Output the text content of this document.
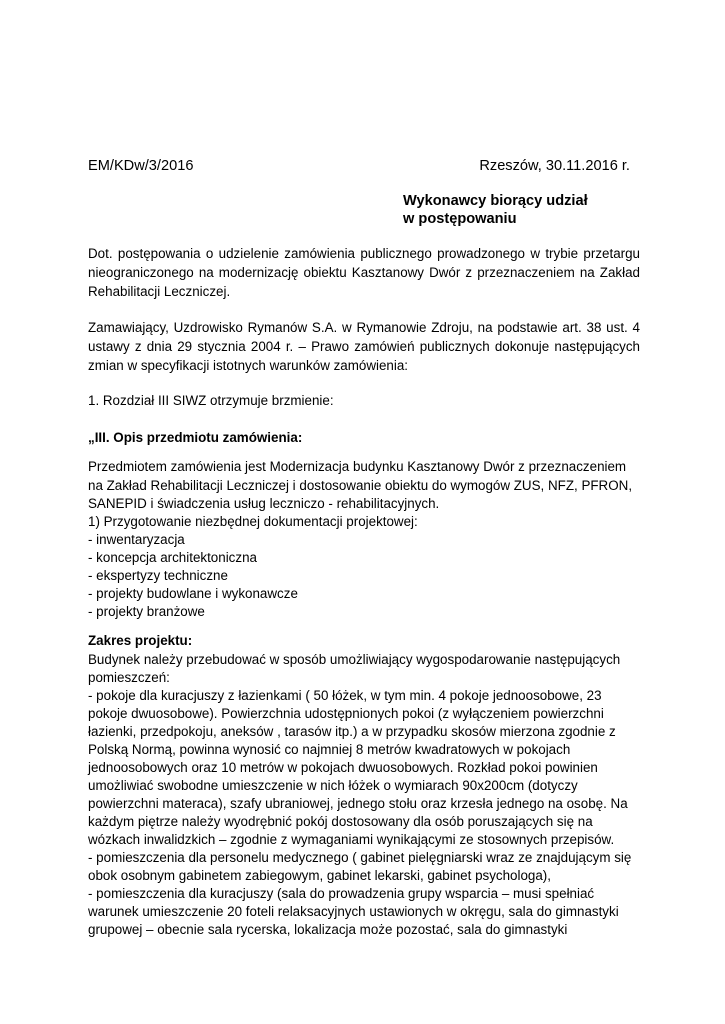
EM/KDw/3/2016	Rzeszów, 30.11.2016 r.
Wykonawcy biorący udział
w postępowaniu
Dot. postępowania o udzielenie zamówienia publicznego prowadzonego w trybie przetargu
nieograniczonego na modernizację obiektu Kasztanowy Dwór z przeznaczeniem na Zakład
Rehabilitacji Leczniczej.
Zamawiający, Uzdrowisko Rymanów S.A. w Rymanowie Zdroju, na podstawie art. 38 ust. 4
ustawy z dnia 29 stycznia 2004 r. – Prawo zamówień publicznych dokonuje następujących
zmian w specyfikacji istotnych warunków zamówienia:
1. Rozdział III SIWZ otrzymuje brzmienie:
„III. Opis przedmiotu zamówienia:
Przedmiotem zamówienia jest Modernizacja budynku Kasztanowy Dwór z przeznaczeniem
na Zakład Rehabilitacji Leczniczej i dostosowanie obiektu do wymogów ZUS, NFZ, PFRON,
SANEPID i świadczenia usług leczniczo - rehabilitacyjnych.
1) Przygotowanie niezbędnej dokumentacji projektowej:
- inwentaryzacja
- koncepcja architektoniczna
- ekspertyzy techniczne
- projekty budowlane i wykonawcze
- projekty branżowe
Zakres projektu:
Budynek należy przebudować w sposób umożliwiający wygospodarowanie następujących
pomieszczeń:
- pokoje dla kuracjuszy z łazienkami ( 50 łóżek, w tym min. 4 pokoje jednoosobowe, 23
pokoje dwuosobowe). Powierzchnia udostępnionych pokoi (z wyłączeniem powierzchni
łazienki, przedpokoju, aneksów , tarasów itp.) a w przypadku skosów mierzona zgodnie z
Polską Normą, powinna wynosić co najmniej 8 metrów kwadratowych w pokojach
jednoosobowych oraz 10 metrów w pokojach dwuosobowych. Rozkład pokoi powinien
umożliwiać swobodne umieszczenie w nich łóżek o wymiarach 90x200cm (dotyczy
powierzchni materaca), szafy ubraniowej, jednego stołu oraz krzesła jednego na osobę. Na
każdym piętrze należy wyodrębnić pokój dostosowany dla osób poruszających się na
wózkach inwalidzkich – zgodnie z wymaganiami wynikającymi ze stosownych przepisów.
- pomieszczenia dla personelu medycznego ( gabinet pielęgniarski wraz ze znajdującym się
obok osobnym gabinetem zabiegowym, gabinet lekarski, gabinet psychologa),
- pomieszczenia dla kuracjuszy (sala do prowadzenia grupy wsparcia – musi spełniać
warunek umieszczenie 20 foteli relaksacyjnych ustawionych w okręgu, sala do gimnastyki
grupowej – obecnie sala rycerska, lokalizacja może pozostać, sala do gimnastyki
